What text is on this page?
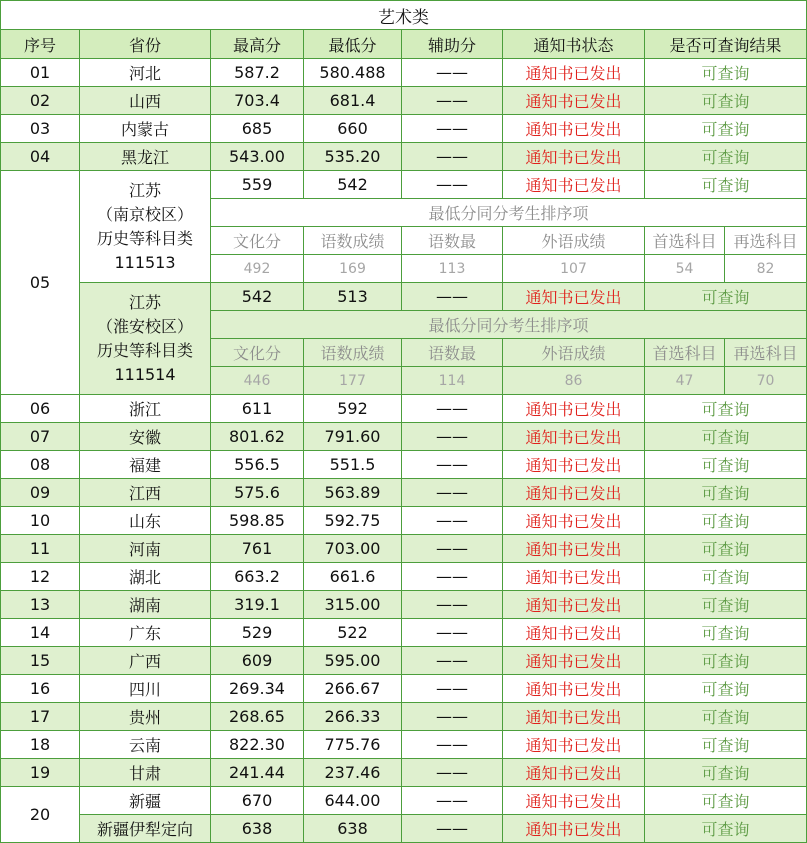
艺术类							
序号	省份	最高分	最低分	辅助分	通知书状态	是否可查询结果	
01	河北	587.2	580.488	——	通知书已发出	可查询	
02	山西	703.4	681.4	——	通知书已发出	可查询	
03	内蒙古	685	660	——	通知书已发出	可查询	
04	黑龙江	543.00	535.20	——	通知书已发出	可查询	
05	江苏
（南京校区）
历史等科目类
111513	559	542	——	通知书已发出	可查询	
		最低分同分考生排序项					
		文化分	语数成绩	语数最	外语成绩	首选科目	再选科目
		492	169	113	107	54	82

	江苏
（淮安校区）
历史等科目类
111514	542	513	——	通知书已发出	可查询	
		最低分同分考生排序项					
		文化分	语数成绩	语数最	外语成绩	首选科目	再选科目
		446	177	114	86	47	70
06	浙江	611	592	——	通知书已发出	可查询	
07	安徽	801.62	791.60	——	通知书已发出	可查询	
08	福建	556.5	551.5	——	通知书已发出	可查询	
09	江西	575.6	563.89	——	通知书已发出	可查询	
10	山东	598.85	592.75	——	通知书已发出	可查询	
11	河南	761	703.00	——	通知书已发出	可查询	
12	湖北	663.2	661.6	——	通知书已发出	可查询	
13	湖南	319.1	315.00	——	通知书已发出	可查询	
14	广东	529	522	——	通知书已发出	可查询	
15	广西	609	595.00	——	通知书已发出	可查询	
16	四川	269.34	266.67	——	通知书已发出	可查询	
17	贵州	268.65	266.33	——	通知书已发出	可查询	
18	云南	822.30	775.76	——	通知书已发出	可查询	
19	甘肃	241.44	237.46	——	通知书已发出	可查询	
20	新疆	670	644.00	——	通知书已发出	可查询	
	新疆伊犁定向	638	638	——	通知书已发出	可查询	
